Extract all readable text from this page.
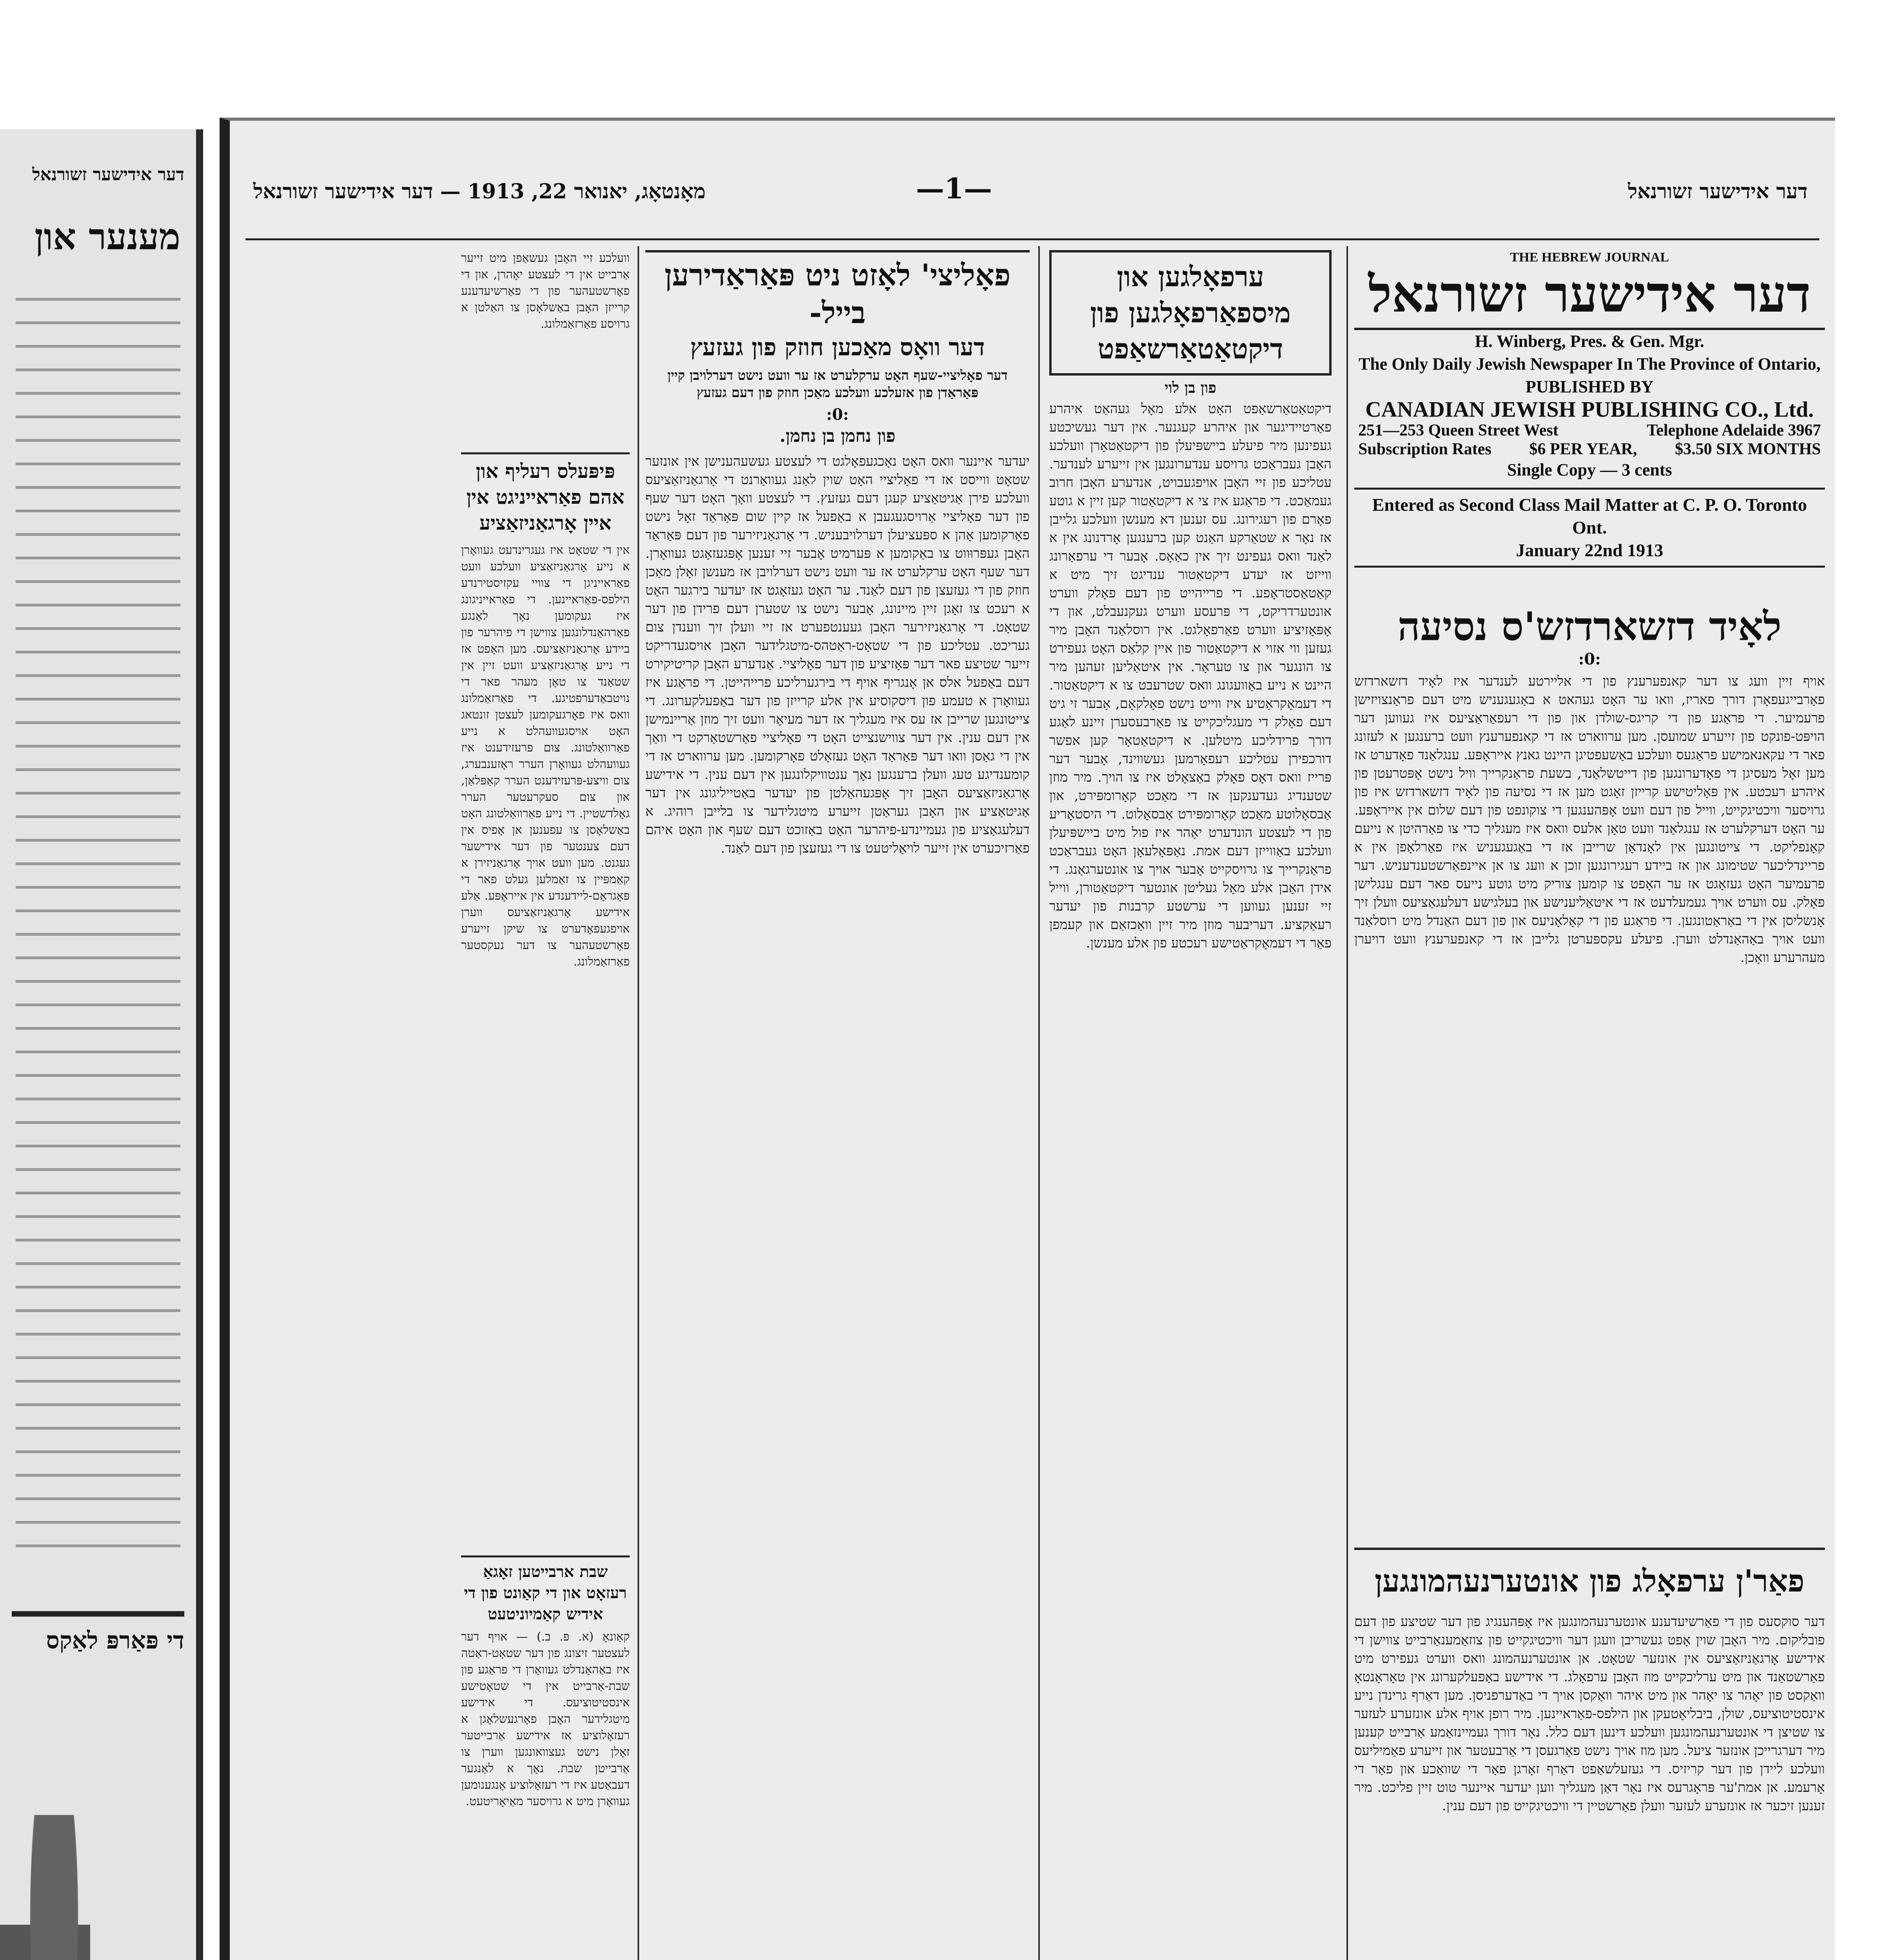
דער אידישער זשורנאל
מענער און
די פּאַרפּ לאַקס
מאָנטאָג, יאנואר 22, 1913 — דער אידישער זשורנאל	—1—	דער אידישער זשורנאל
THE HEBREW JOURNAL
דער אידישער זשורנאל
H. Winberg, Pres. & Gen. Mgr.
The Only Daily Jewish Newspaper In The Province of Ontario,
PUBLISHED BY
CANADIAN JEWISH PUBLISHING CO., Ltd.
251—253 Queen Street West	Telephone Adelaide 3967
Subscription Rates $6 PER YEAR, $3.50 SIX MONTHS
Single Copy — 3 cents
Entered as Second Class Mail Matter at C. P. O. Toronto Ont.
January 22nd 1913
לאָיד דזשארדזש'ס נסיעה
:0:
אויף זיין וועג צו דער קאנפערענץ פון די אליירטע לענדער איז לאָיד דזשארדזש פאַרבייגעפאָרן דורך פאריז, וואו ער האָט געהאט א באַגעגעניש מיט דעם פראַנצויזישן פרעמיער. די פראַגע פון די קריגס-שולדן און פון די רעפאַראַציעס איז געווען דער הויפּט-פונקט פון זייערע שמועסן. מען ערווארט אז די קאנפערענץ וועט ברענגען א לעזונג פאר די עקאנאמישע פראַגעס וועלכע באַשעפטיגן היינט גאנץ אייראָפּע. ענגלאַנד פאָדערט אז מען זאָל מעסיגן די פאָדערונגען פון דייטשלאַנד, בשעת פראַנקרייך וויל נישט אָפּטרעטן פון איהרע רעכטע. אין פּאָליטישע קרייזן זאָגט מען אז די נסיעה פון לאָיד דזשארדזש איז פון גרויסער וויכטיגקייט, ווייל פון דעם וועט אָפּהענגען די צוקונפט פון דעם שלום אין אייראָפּע. ער האָט דערקלערט אז ענגלאַנד וועט טאָן אלעס וואס איז מעגליך כדי צו פאַרהיטן א נייעם קאָנפליקט. די צייטונגען אין לאָנדאָן שרייבן אז די באַגעגעניש איז פאַרלאָפן אין א פריינדליכער שטימונג און אז ביידע רעגירונגען זוכן א וועג צו אן איינפאַרשטענדעניש. דער פרעמיער האָט געזאָגט אז ער האָפט צו קומען צוריק מיט גוטע נייעס פאר דעם ענגלישן פאָלק. עס ווערט אויך געמעלדעט אז די איטאַליענישע און בעלגישע דעלעגאַציעס וועלן זיך אָנשליסן אין די באַראַטונגען. די פראַגע פון די קאָלאָניעס און פון דעם האַנדל מיט רוסלאַנד וועט אויך באַהאַנדלט ווערן. פיעלע עקספּערטן גלייבן אז די קאנפערענץ וועט דויערן מעהרערע וואָכן.
פאַר'ן ערפאָלג פון אונטערנעהמונגען
דער סוקסעס פון די פאַרשיעדענע אונטערנעהמונגען איז אָפּהענגיג פון דער שטיצע פון דעם פובליקום. מיר האָבן שוין אָפט געשריבן וועגן דער וויכטיגקייט פון צוזאַמענאַרבייט צווישן די אידישע אָרגאַניזאַציעס אין אונזער שטאָט. אן אונטערנעהמונג וואס ווערט געפירט מיט פאַרשטאַנד און מיט ערליכקייט מוז האָבן ערפאָלג. די אידישע באַפעלקערונג אין טאָראָנטאָ וואַקסט פון יאָהר צו יאָהר און מיט איהר וואַקסן אויך די באַדערפניסן. מען דאַרף גרינדן נייע אינסטיטוציעס, שולן, ביבליאָטעקן און הילפס-פאַראיינען. מיר רופן אויף אלע אונזערע לעזער צו שטיצן די אונטערנעהמונגען וועלכע דינען דעם כלל. נאָר דורך געמיינזאַמע אַרבייט קענען מיר דערגרייכן אונזער ציעל. מען מוז אויך נישט פאַרגעסן די אַרבעטער און זייערע פאַמיליעס וועלכע ליידן פון דער קריזיס. די געזעלשאַפט דאַרף זאָרגן פאַר די שוואַכע און פאַר די אָרעמע. אן אמת'ער פּראָגרעס איז נאָר דאַן מעגליך ווען יעדער איינער טוט זיין פליכט. מיר זענען זיכער אז אונזערע לעזער וועלן פאַרשטיין די וויכטיגקייט פון דעם ענין.
ערפאָלגען און מיספאַרפאָלגען פון דיקטאַטאַרשאַפט
פון בן לוי
דיקטאַטאַרשאַפט האָט אלע מאָל געהאַט איהרע פאַרטיידיגער און איהרע קעגנער. אין דער געשיכטע געפינען מיר פיעלע ביישפּיעלן פון דיקטאַטאָרן וועלכע האָבן געבראַכט גרויסע ענדערונגען אין זייערע לענדער. עטליכע פון זיי האָבן אויפגעבויט, אנדערע האָבן חרוב געמאַכט. די פראַגע איז צי א דיקטאַטור קען זיין א גוטע פאָרם פון רעגירונג. עס זענען דא מענשן וועלכע גלייבן אז נאָר א שטאַרקע האַנט קען ברענגען אָרדנונג אין א לאַנד וואס געפינט זיך אין כאַאָס. אָבער די ערפאַרונג ווייזט אז יעדע דיקטאַטור ענדיגט זיך מיט א קאַטאַסטראָפע. די פרייהייט פון דעם פאָלק ווערט אונטערדריקט, די פּרעסע ווערט געקנעבלט, און די אָפּאָזיציע ווערט פאַרפאָלגט. אין רוסלאַנד האָבן מיר געזען ווי אזוי א דיקטאַטור פון איין קלאַס האָט געפירט צו הונגער און צו טעראָר. אין איטאַליען זעהען מיר היינט א נייע באַוועגונג וואס שטרעבט צו א דיקטאַטור. די דעמאָקראַטיע איז ווייט נישט פאָלקאָם, אָבער זי גיט דעם פאָלק די מעגליכקייט צו פאַרבעסערן זיינע לאַגע דורך פרידליכע מיטלען. א דיקטאַטאָר קען אפשר דורכפירן עטליכע רעפאָרמען געשווינד, אָבער דער פּרייז וואס דאָס פאָלק באַצאָלט איז צו הויך. מיר מוזן שטענדיג געדענקען אז די מאַכט קאָרומפּירט, און אַבסאָלוטע מאַכט קאָרומפּירט אַבסאָלוט. די היסטאָריע פון די לעצטע הונדערט יאָהר איז פול מיט ביישפּיעלן וועלכע באַווייזן דעם אמת. נאַפּאָלעאָן האָט געבראַכט פראַנקרייך צו גרויסקייט אָבער אויך צו אונטערגאַנג. די אידן האָבן אלע מאָל געליטן אונטער דיקטאַטורן, ווייל זיי זענען געווען די ערשטע קרבנות פון יעדער רעאַקציע. דעריבער מוזן מיר זיין וואַכזאַם און קעמפן פאַר די דעמאָקראַטישע רעכטע פון אלע מענשן.
פאָליצי' לאָזט ניט פּאַראַדירען בייל-
דער וואָס מאַכען חוזק פון געזעץ
דער פאָליציי-שעף האָט ערקלערט אז ער וועט נישט דערלויבן קיין פּאַראַדן פון אזעלכע וועלכע מאַכן חוזק פון דעם געזעץ
:0:
פון נחמן בן נחמן.
יעדער איינער וואס האָט נאָכגעפאָלגט די לעצטע געשעהענישן אין אונזער שטאָט ווייסט אז די פאָליציי האָט שוין לאַנג געוואַרנט די אָרגאַניזאַציעס וועלכע פירן אַגיטאַציע קעגן דעם געזעץ. די לעצטע וואָך האָט דער שעף פון דער פאָליציי אַרויסגעגעבן א באַפעל אז קיין שום פּאַראַד זאָל נישט פאָרקומען אָהן א ספּעציעלן דערלויבעניש. די אָרגאַניזירער פון דעם פּאַראַד האָבן געפּרוּווט צו באַקומען א פּערמיט אָבער זיי זענען אָפּגעזאָגט געוואָרן. דער שעף האָט ערקלערט אז ער וועט נישט דערלויבן אז מענשן זאָלן מאַכן חוזק פון די געזעצן פון דעם לאַנד. ער האָט געזאָגט אז יעדער בירגער האָט א רעכט צו זאָגן זיין מיינונג, אָבער נישט צו שטערן דעם פרידן פון דער שטאָט. די אָרגאַניזירער האָבן געענטפערט אז זיי וועלן זיך ווענדן צום געריכט. עטליכע פון די שטאָט-ראַטהס-מיטגלידער האָבן אויסגעדריקט זייער שטיצע פאר דער פּאָזיציע פון דער פאָליציי. אַנדערע האָבן קריטיקירט דעם באַפעל אלס אן אָנגריף אויף די בירגערליכע פרייהייטן. די פראַגע איז געוואָרן א טעמע פון דיסקוסיע אין אלע קרייזן פון דער באַפעלקערונג. די צייטונגען שרייבן אז עס איז מעגליך אז דער מעיאָר וועט זיך מוזן אַריינמישן אין דעם ענין. אין דער צווישנצייט האָט די פאָליציי פאַרשטאַרקט די וואַך אין די גאַסן וואו דער פּאַראַד האָט געזאָלט פאָרקומען. מען ערווארט אז די קומענדיגע טעג וועלן ברענגען נאָך ענטוויקלונגען אין דעם ענין. די אידישע אָרגאַניזאַציעס האָבן זיך אָפּגעהאַלטן פון יעדער באַטייליגונג אין דער אַגיטאַציע און האָבן געראַטן זייערע מיטגלידער צו בלייבן רוהיג. א דעלעגאַציע פון געמיינדע-פיהרער האָט באַזוכט דעם שעף און האָט איהם פאַרזיכערט אין זייער לויאַליטעט צו די געזעצן פון דעם לאַנד.
וועלכע זיי האָבן געשאַפן מיט זייער אַרבייט אין די לעצטע יאָהרן, און די פאָרשטעהער פון די פאַרשיעדענע קרייזן האָבן באַשלאָסן צו האַלטן א גרויסע פאַרזאַמלונג.
פּיפּעלס רעליף און אהם פאַראייניגט אין איין אָרגאַניזאַציע
אין די שטאָט איז געגרינדעט געוואָרן א נייע אָרגאַניזאַציע וועלכע וועט פאַראייניגן די צוויי עקזיסטירנדע הילפס-פאַראיינען. די פאַראייניגונג איז געקומען נאָך לאַנגע פאַרהאַנדלונגען צווישן די פיהרער פון ביידע אָרגאַניזאַציעס. מען האָפט אז די נייע אָרגאַניזאַציע וועט זיין אין שטאַנד צו טאָן מעהר פאר די נויטבאַדערפטיגע. די פאַרזאַמלונג וואס איז פאָרגעקומען לעצטן זונטאג האָט אויסגעוועהלט א נייע פאַרוואַלטונג. צום פּרעזידענט איז געוועהלט געוואָרן הערר ראָזענבערג, צום וויצע-פּרעזידענט הערר קאַפּלאַן, און צום סעקרעטער הערר גאָלדשטיין. די נייע פאַרוואַלטונג האָט באַשלאָסן צו עפענען אן אָפיס אין דעם צענטער פון דער אידישער געגנט. מען וועט אויך אָרגאַניזירן א קאַמפּיין צו זאַמלען געלט פאר די פּאָגראָם-ליידענדע אין אייראָפּע. אַלע אידישע אָרגאַניזאַציעס ווערן אויפגעפאָדערט צו שיקן זייערע פאָרשטעהער צו דער נעקסטער פאַרזאַמלונג.
שבת ארבייטען זאָגאַ רעזאָט און די קאַונט פון די אידיש קאַמיוניטעט
קאַונאָ (א. פּ. ב.) — אויף דער לעצטער זיצונג פון דער שטאָט-ראַטה איז באַהאַנדלט געוואָרן די פראַגע פון שבת-אַרבייט אין די שטאָטישע אינסטיטוציעס. די אידישע מיטגלידער האָבן פאָרגעשלאָגן א רעזאָלוציע אז אידישע אַרבייטער זאָלן נישט געצוואונגען ווערן צו אַרבייטן שבת. נאָך א לאַנגער דעבאַטע איז די רעזאָלוציע אָנגענומען געוואָרן מיט א גרויסער מאַיאָריטעט.
